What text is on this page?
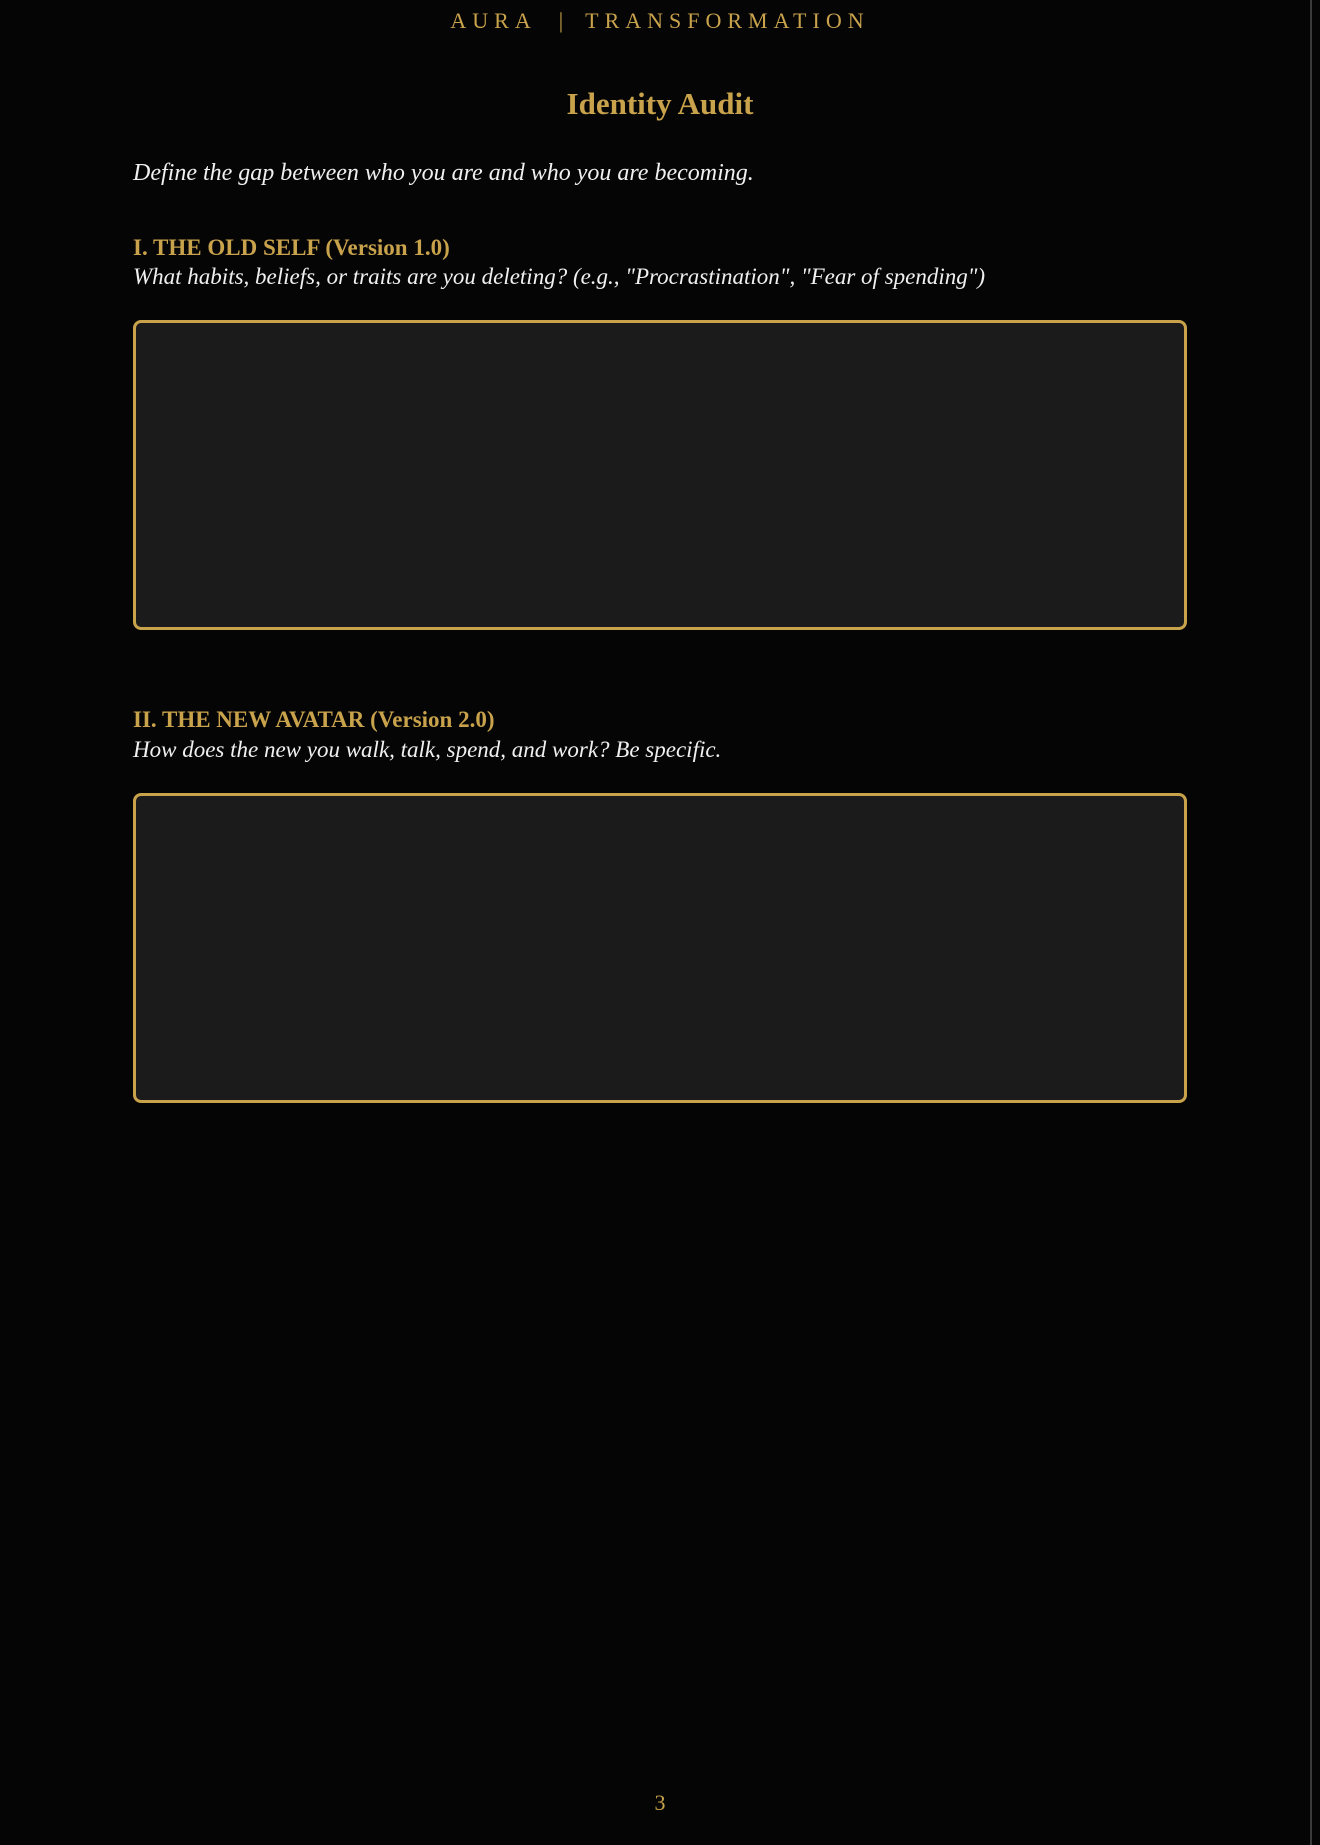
AURA | TRANSFORMATION
Identity Audit

Define the gap between who you are and who you are becoming.

I. THE OLD SELF (Version 1.0)

What habits, beliefs, or traits are you deleting? (e.g., "Procrastination", "Fear of spending")

II. THE NEW AVATAR (Version 2.0)

How does the new you walk, talk, spend, and work? Be specific.

3
